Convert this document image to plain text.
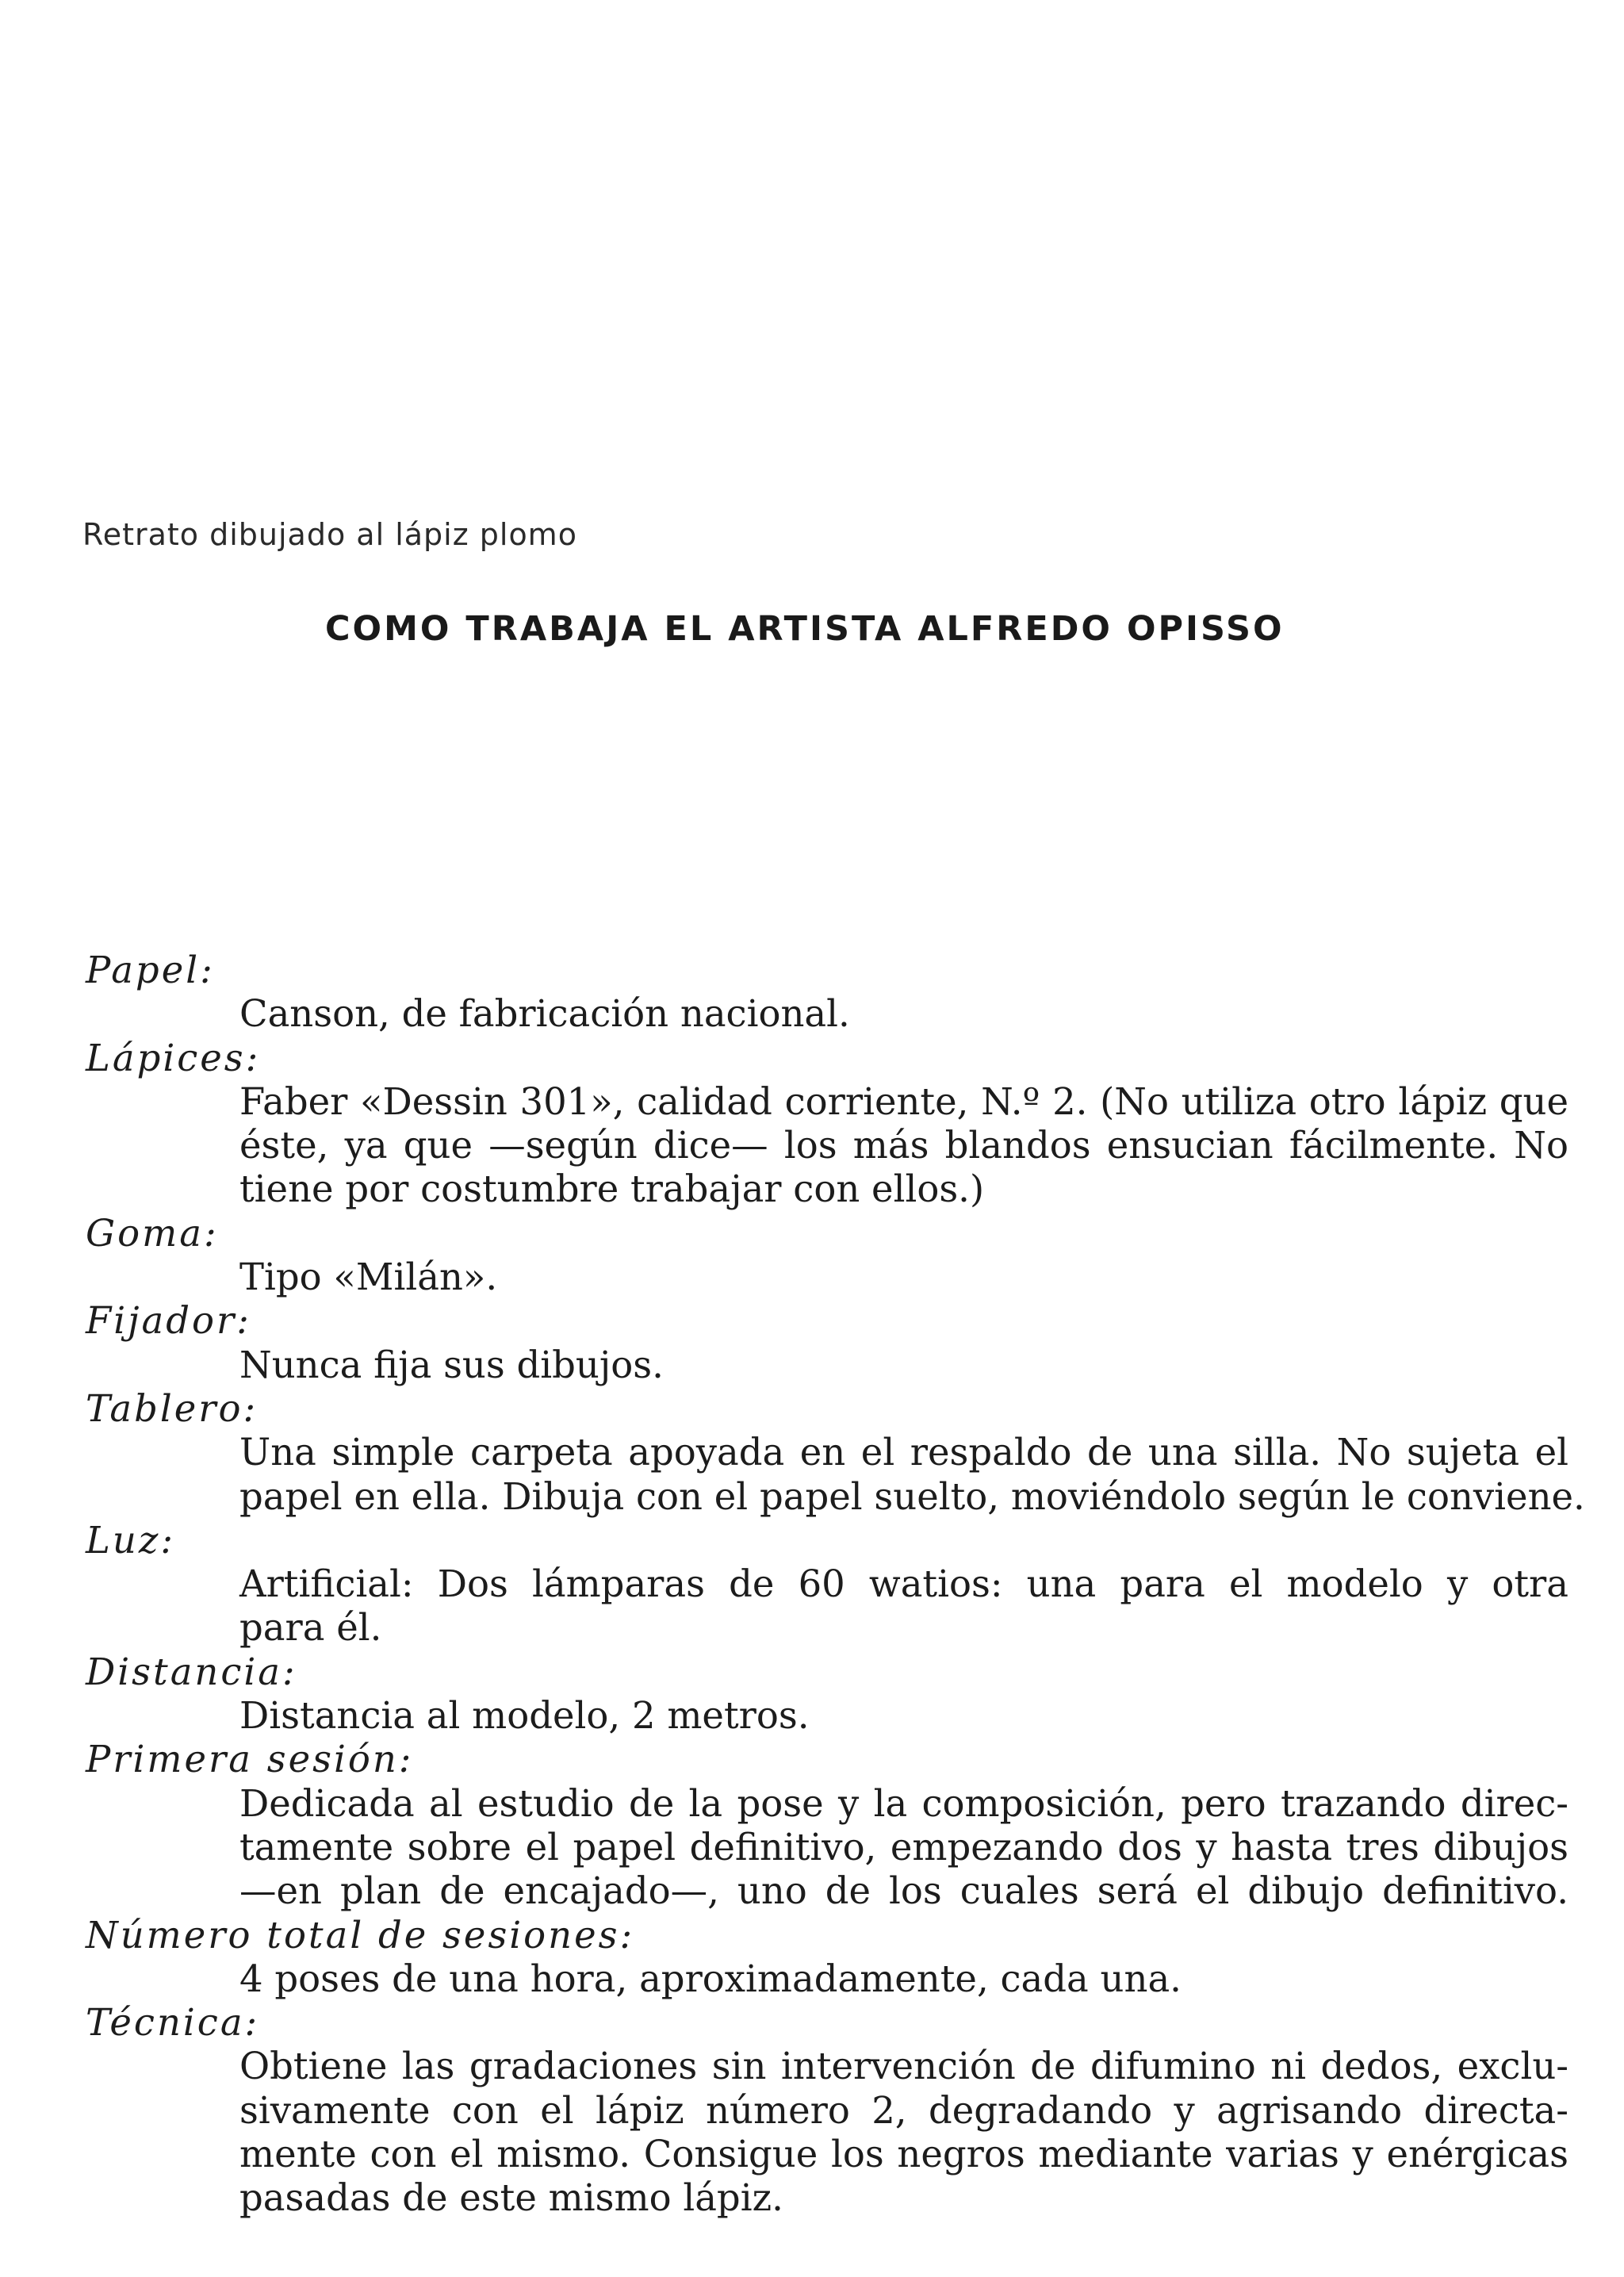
Retrato dibujado al lápiz plomo
COMO TRABAJA EL ARTISTA ALFREDO OPISSO
Papel:
Canson, de fabricación nacional.
Lápices:
Faber «Dessin 301», calidad corriente, N.º 2. (No utiliza otro lápiz que
éste, ya que —según dice— los más blandos ensucian fácilmente. No
tiene por costumbre trabajar con ellos.)
Goma:
Tipo «Milán».
Fijador:
Nunca fija sus dibujos.
Tablero:
Una simple carpeta apoyada en el respaldo de una silla. No sujeta el
papel en ella. Dibuja con el papel suelto, moviéndolo según le conviene.
Luz:
Artificial: Dos lámparas de 60 watios: una para el modelo y otra
para él.
Distancia:
Distancia al modelo, 2 metros.
Primera sesión:
Dedicada al estudio de la pose y la composición, pero trazando direc-
tamente sobre el papel definitivo, empezando dos y hasta tres dibujos
—en plan de encajado—, uno de los cuales será el dibujo definitivo.
Número total de sesiones:
4 poses de una hora, aproximadamente, cada una.
Técnica:
Obtiene las gradaciones sin intervención de difumino ni dedos, exclu-
sivamente con el lápiz número 2, degradando y agrisando directa-
mente con el mismo. Consigue los negros mediante varias y enérgicas
pasadas de este mismo lápiz.
